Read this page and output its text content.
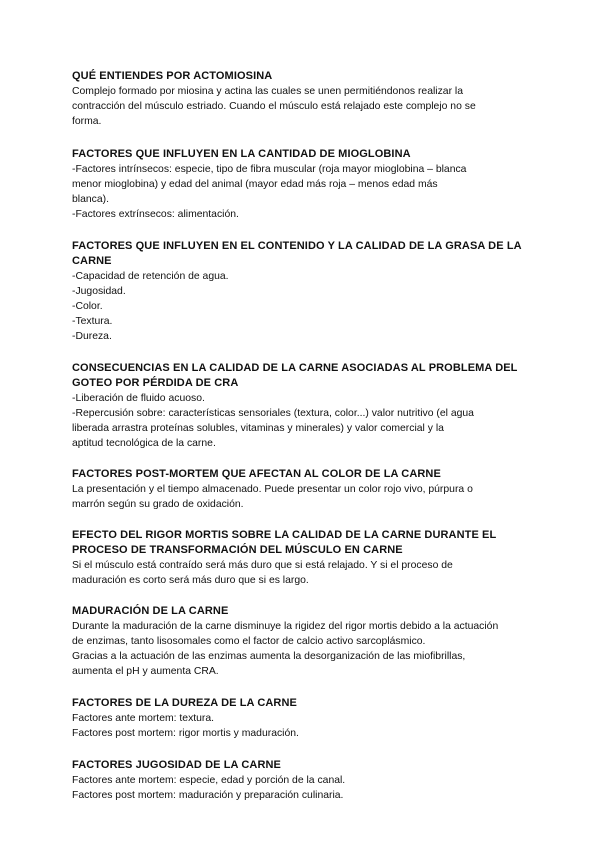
QUÉ ENTIENDES POR ACTOMIOSINA

Complejo formado por miosina y actina las cuales se unen permitiéndonos realizar la

contracción del músculo estriado. Cuando el músculo está relajado este complejo no se

forma.

FACTORES QUE INFLUYEN EN LA CANTIDAD DE MIOGLOBINA

-Factores intrínsecos: especie, tipo de fibra muscular (roja mayor mioglobina – blanca

menor mioglobina) y edad del animal (mayor edad más roja – menos edad más

blanca).

-Factores extrínsecos: alimentación.

FACTORES QUE INFLUYEN EN EL CONTENIDO Y LA CALIDAD DE LA GRASA DE LA

CARNE

-Capacidad de retención de agua.

-Jugosidad.

-Color.

-Textura.

-Dureza.

CONSECUENCIAS EN LA CALIDAD DE LA CARNE ASOCIADAS AL PROBLEMA DEL

GOTEO POR PÉRDIDA DE CRA

-Liberación de fluido acuoso.

-Repercusión sobre: características sensoriales (textura, color...) valor nutritivo (el agua

liberada arrastra proteínas solubles, vitaminas y minerales) y valor comercial y la

aptitud tecnológica de la carne.

FACTORES POST-MORTEM QUE AFECTAN AL COLOR DE LA CARNE

La presentación y el tiempo almacenado. Puede presentar un color rojo vivo, púrpura o

marrón según su grado de oxidación.

EFECTO DEL RIGOR MORTIS SOBRE LA CALIDAD DE LA CARNE DURANTE EL

PROCESO DE TRANSFORMACIÓN DEL MÚSCULO EN CARNE

Si el músculo está contraído será más duro que si está relajado. Y si el proceso de

maduración es corto será más duro que si es largo.

MADURACIÓN DE LA CARNE

Durante la maduración de la carne disminuye la rigidez del rigor mortis debido a la actuación

de enzimas, tanto lisosomales como el factor de calcio activo sarcoplásmico.

Gracias a la actuación de las enzimas aumenta la desorganización de las miofibrillas,

aumenta el pH y aumenta CRA.

FACTORES DE LA DUREZA DE LA CARNE

Factores ante mortem: textura.

Factores post mortem: rigor mortis y maduración.

FACTORES JUGOSIDAD DE LA CARNE

Factores ante mortem: especie, edad y porción de la canal.

Factores post mortem: maduración y preparación culinaria.
